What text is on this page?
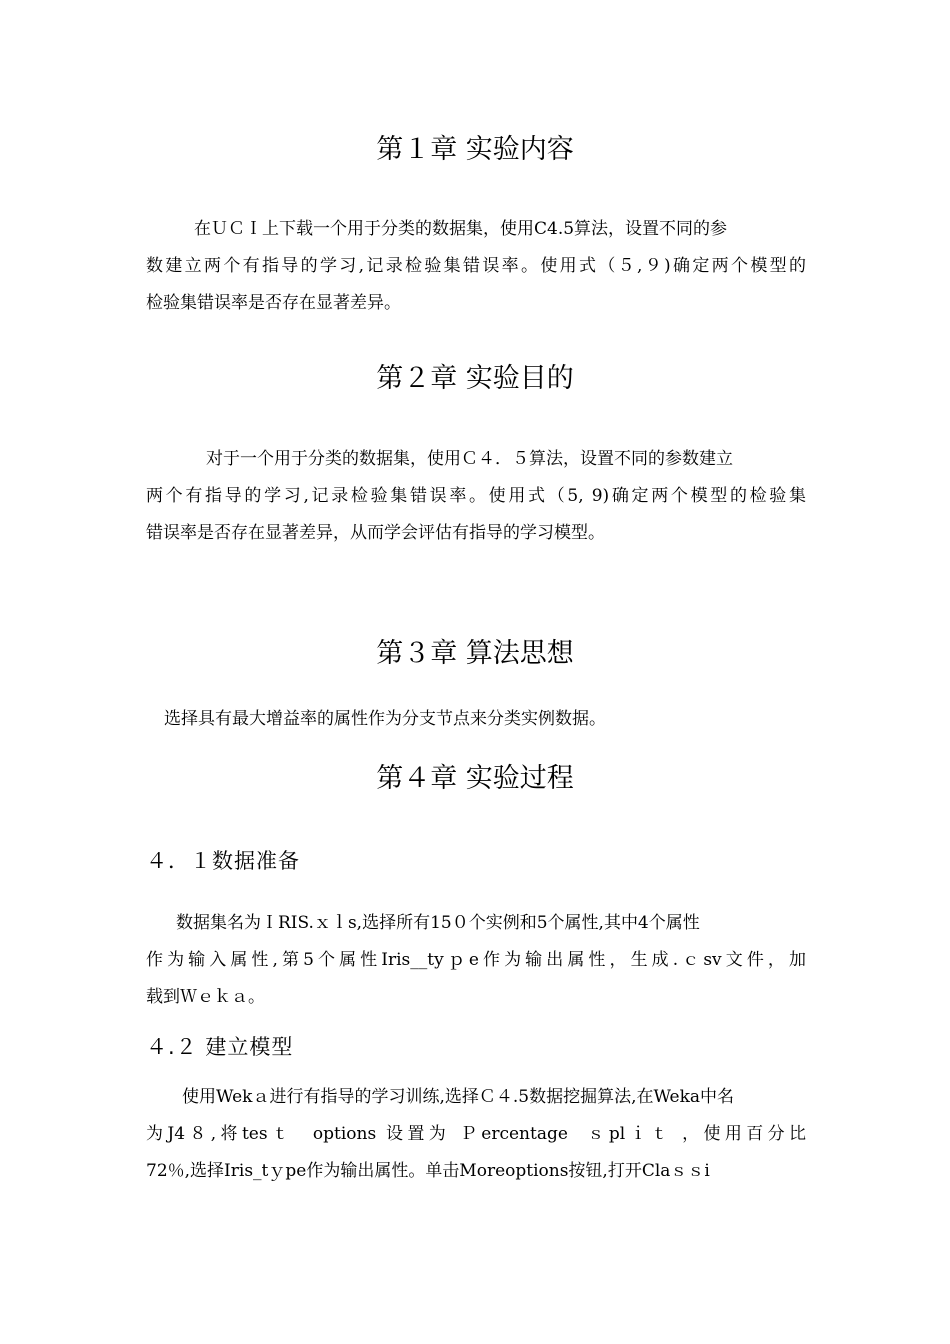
第１章 实验内容
在ＵＣＩ上下载一个用于分类的数据集，使用C4.5算法，设置不同的参
数建立两个有指导的学习,记录检验集错误率。使用式（５,９)确定两个模型的
检验集错误率是否存在显著差异。
第２章 实验目的
对于一个用于分类的数据集，使用Ｃ４．５算法，设置不同的参数建立
两个有指导的学习,记录检验集错误率。使用式（5, 9)确定两个模型的检验集
错误率是否存在显著差异，从而学会评估有指导的学习模型。
第３章 算法思想
选择具有最大增益率的属性作为分支节点来分类实例数据。
第４章 实验过程
４．１数据准备
数据集名为ＩRIS.ｘｌs,选择所有15０个实例和5个属性,其中4个属性
作为输入属性,第5个属性Iris__tyｐe作为输出属性，生成.ｃsv文件，加
载到Ｗｅｋａ。
４.２ 建立模型
使用Wekａ进行有指导的学习训练,选择Ｃ４.5数据挖掘算法,在Weka中名
为J4８,将tesｔ  options 设置为 Ｐercentage  ｓplｉｔ ，使用百分比
72％,选择Iris_tｙpe作为输出属性。单击Moreoptions按钮,打开Claｓｓi
